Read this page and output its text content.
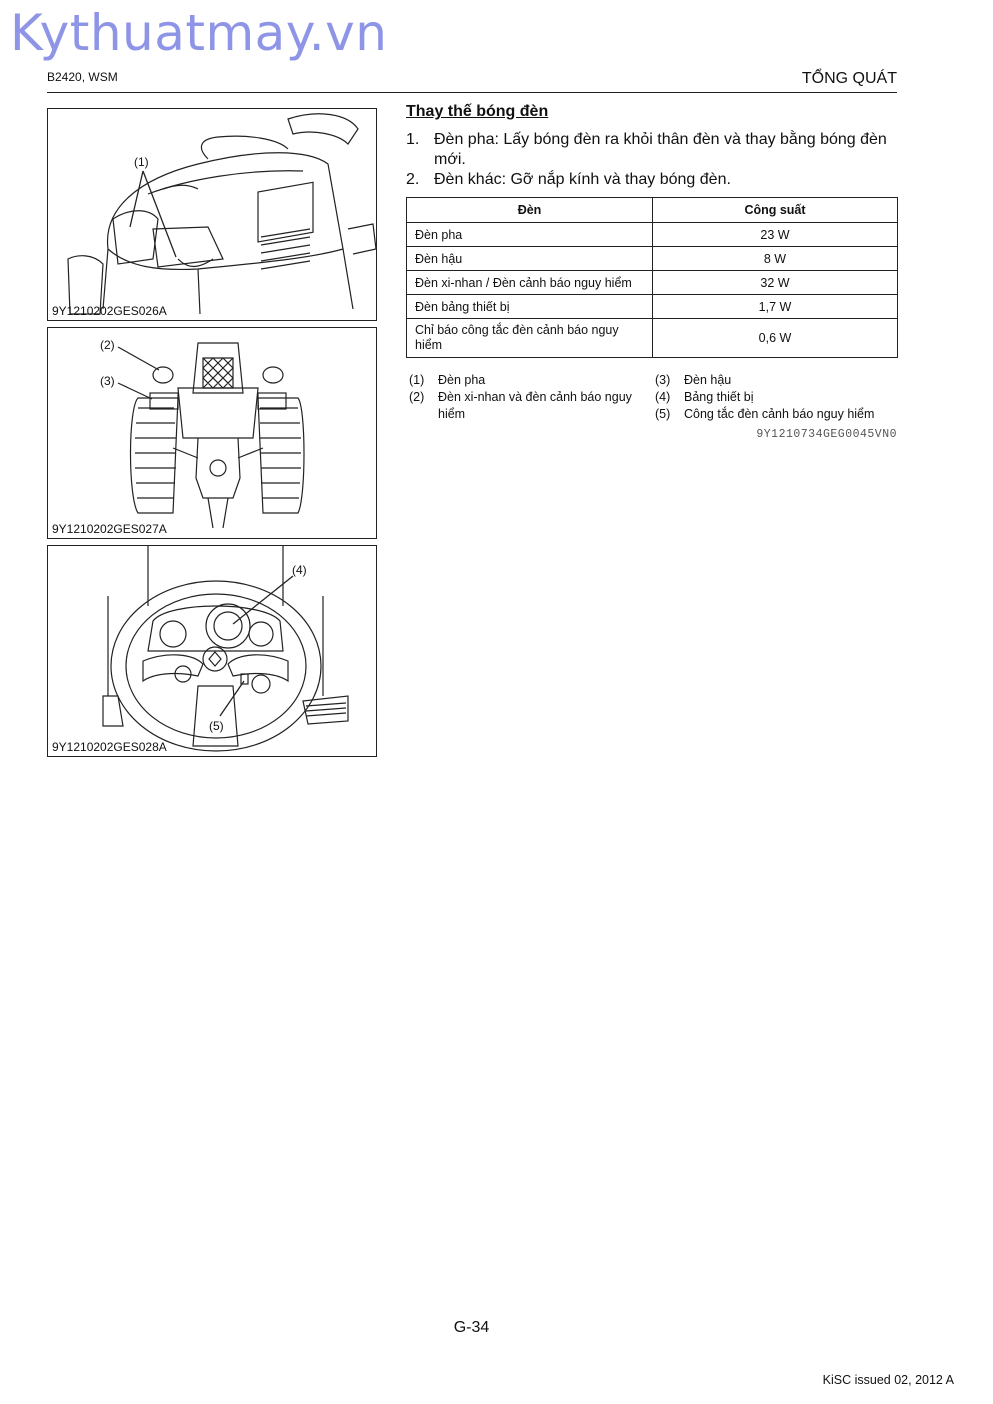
Kythuatmay.vn
B2420, WSM	TỔNG QUÁT
(1)
9Y1210202GES026A
(2)
(3)
9Y1210202GES027A
(4)
(5)
9Y1210202GES028A
Thay thế bóng đèn
1. Đèn pha: Lấy bóng đèn ra khỏi thân đèn và thay bằng bóng đèn mới.
2. Đèn khác: Gỡ nắp kính và thay bóng đèn.
Đèn	Công suất
Đèn pha	23 W
Đèn hậu	8 W
Đèn xi-nhan / Đèn cảnh báo nguy hiểm	32 W
Đèn bảng thiết bị	1,7 W
Chỉ báo công tắc đèn cảnh báo nguy hiểm	0,6 W
(1)	Đèn pha
(2)	Đèn xi-nhan và đèn cảnh báo nguy hiểm
(3)	Đèn hậu
(4)	Bảng thiết bị
(5)	Công tắc đèn cảnh báo nguy hiểm
9Y1210734GEG0045VN0
G-34
KiSC issued 02, 2012 A
